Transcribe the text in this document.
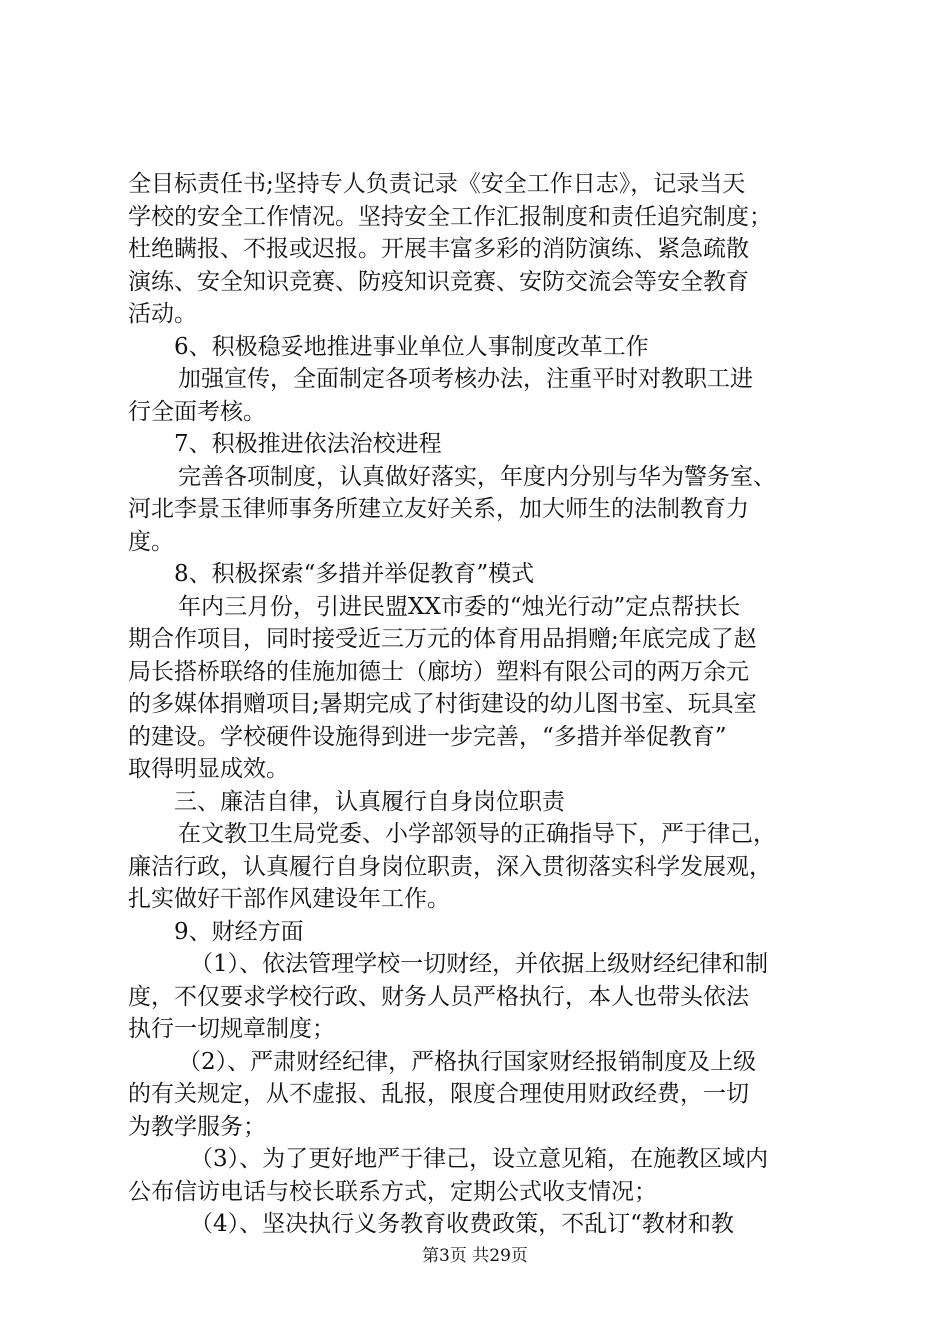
全目标责任书;坚持专人负责记录《安全工作日志》，记录当天
学校的安全工作情况。坚持安全工作汇报制度和责任追究制度；
杜绝瞒报、不报或迟报。开展丰富多彩的消防演练、紧急疏散
演练、安全知识竞赛、防疫知识竞赛、安防交流会等安全教育
活动。
6、积极稳妥地推进事业单位人事制度改革工作
加强宣传，全面制定各项考核办法，注重平时对教职工进
行全面考核。
7、积极推进依法治校进程
完善各项制度，认真做好落实，年度内分别与华为警务室、
河北李景玉律师事务所建立友好关系，加大师生的法制教育力
度。
8、积极探索“多措并举促教育”模式
年内三月份，引进民盟XX市委的“烛光行动”定点帮扶长
期合作项目，同时接受近三万元的体育用品捐赠;年底完成了赵
局长搭桥联络的佳施加德士（廊坊）塑料有限公司的两万余元
的多媒体捐赠项目;暑期完成了村街建设的幼儿图书室、玩具室
的建设。学校硬件设施得到进一步完善，“多措并举促教育”
取得明显成效。
三、廉洁自律，认真履行自身岗位职责
在文教卫生局党委、小学部领导的正确指导下，严于律己，
廉洁行政，认真履行自身岗位职责，深入贯彻落实科学发展观，
扎实做好干部作风建设年工作。
9、财经方面
（1）、依法管理学校一切财经，并依据上级财经纪律和制
度，不仅要求学校行政、财务人员严格执行，本人也带头依法
执行一切规章制度；
（2）、严肃财经纪律，严格执行国家财经报销制度及上级
的有关规定，从不虚报、乱报，限度合理使用财政经费，一切
为教学服务；
（3）、为了更好地严于律己，设立意见箱，在施教区域内
公布信访电话与校长联系方式，定期公式收支情况；
（4）、坚决执行义务教育收费政策，不乱订“教材和教
第3页 共29页
